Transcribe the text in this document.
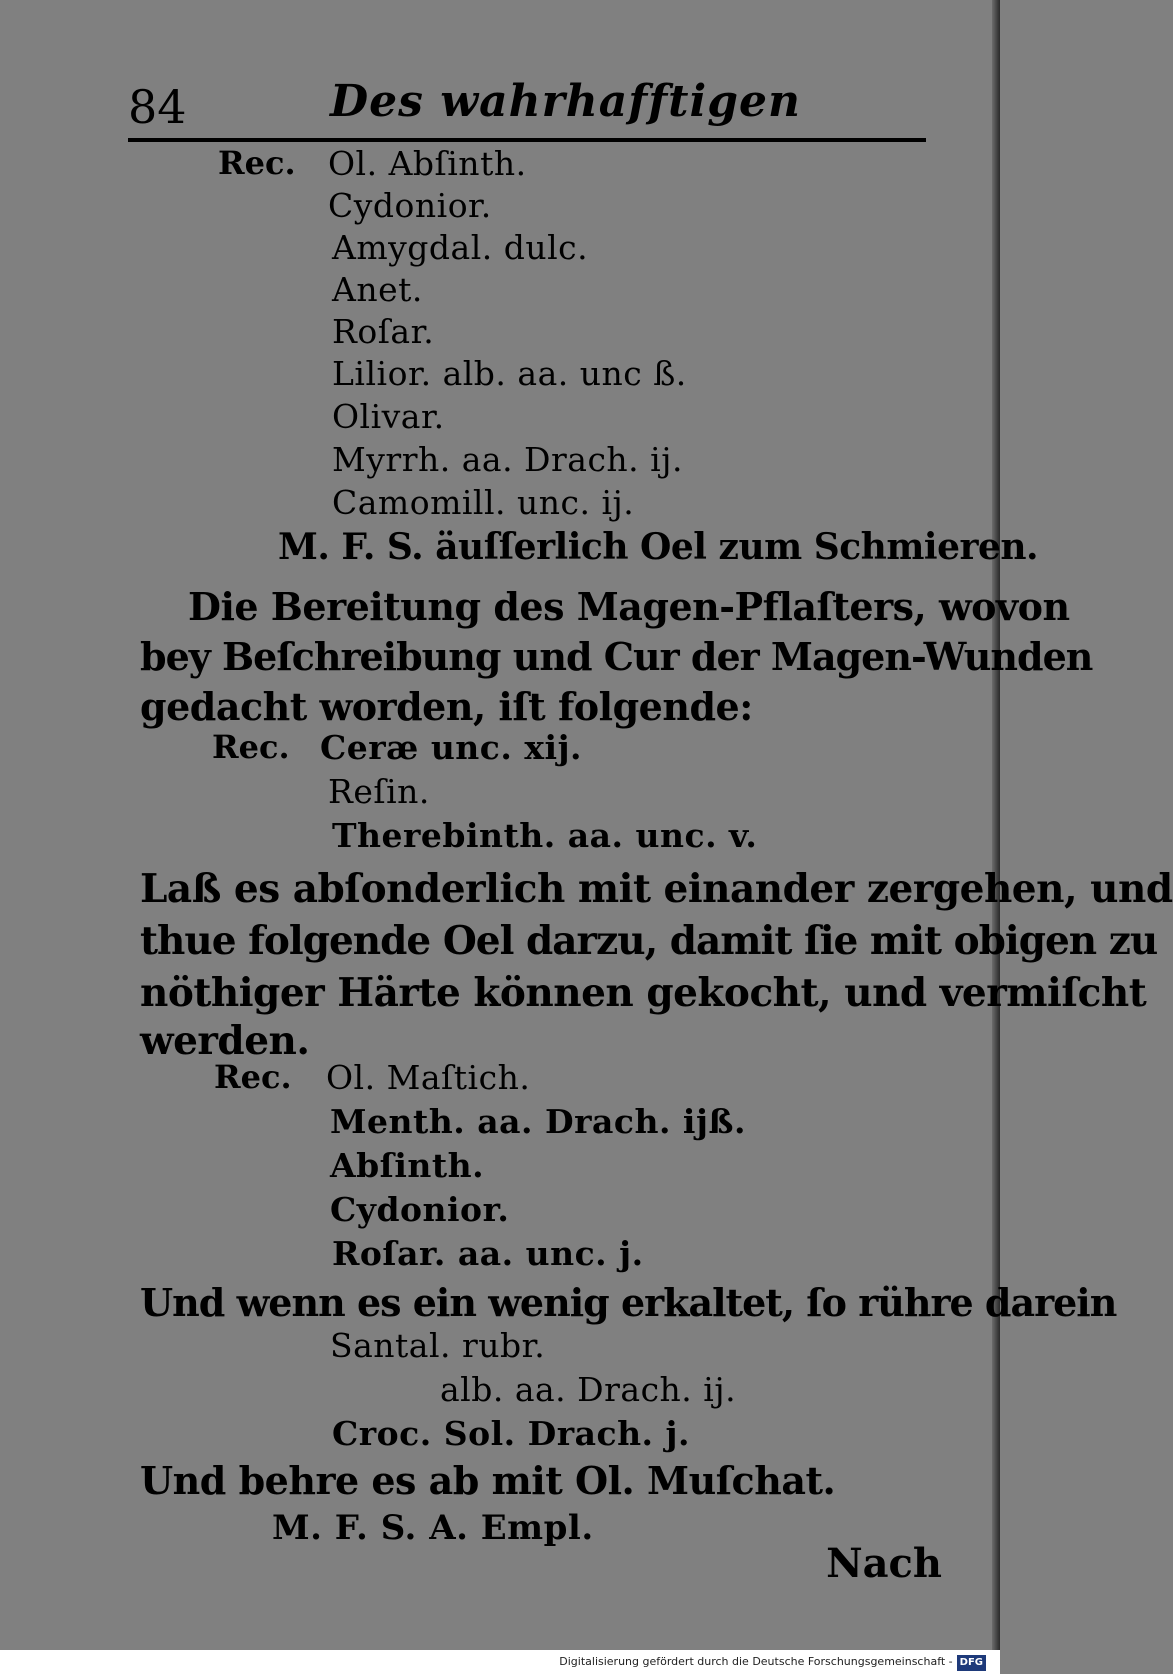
84	Des wahrhafftigen
Rec. Ol. Abſinth.
Cydonior.
Amygdal. dulc.
Anet.
Roſar.
Lilior. alb. aa. unc ß.
Olivar.
Myrrh. aa. Drach. ij.
Camomill. unc. ij.
M. F. S. äuſſerlich Oel zum Schmieren.
Die Bereitung des Magen-Pflaſters, wovon
bey Beſchreibung und Cur der Magen-Wunden
gedacht worden, iſt folgende:
Rec. Ceræ unc. xij.
Reſin.
Therebinth. aa. unc. v.
Laß es abſonderlich mit einander zergehen, und
thue folgende Oel darzu, damit ſie mit obigen zu
nöthiger Härte können gekocht, und vermiſcht
werden.
Rec. Ol. Maſtich.
Menth. aa. Drach. ijß.
Abſinth.
Cydonior.
Roſar. aa. unc. j.
Und wenn es ein wenig erkaltet, ſo rühre darein
Santal. rubr.
alb. aa. Drach. ij.
Croc. Sol. Drach. j.
Und behre es ab mit Ol. Muſchat.
M. F. S. A. Empl.
Nach
Digitalisierung gefördert durch die Deutsche Forschungsgemeinschaft - DFG
